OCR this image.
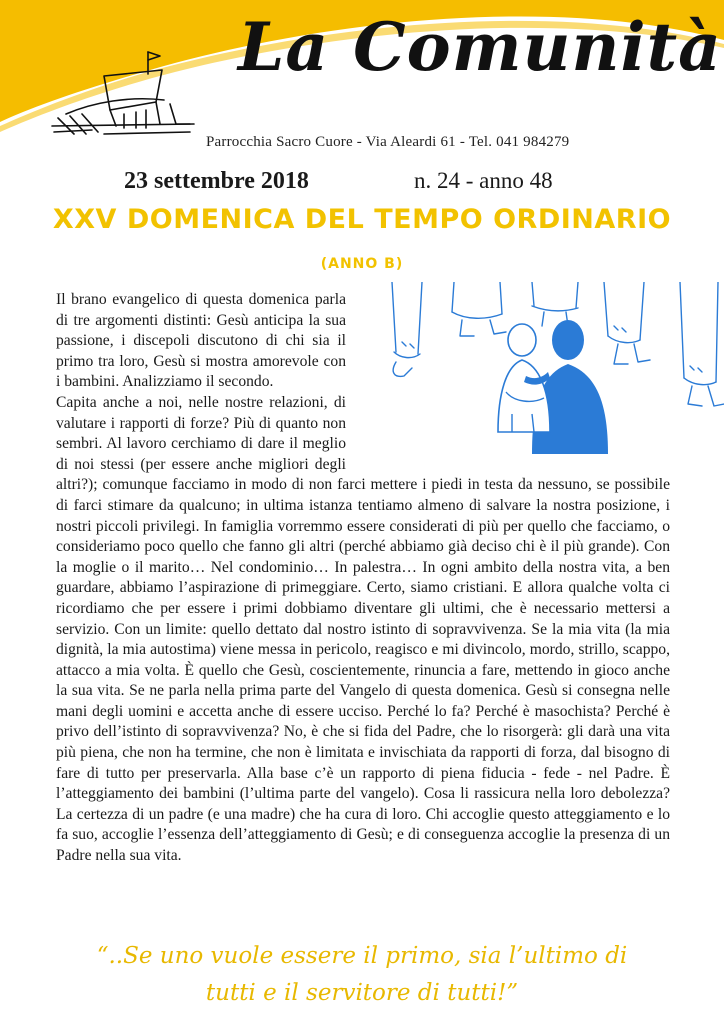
La Comunità
Parrocchia Sacro Cuore - Via Aleardi 61 - Tel. 041 984279
23 settembre 2018	n. 24 - anno 48
XXV DOMENICA DEL TEMPO ORDINARIO
(ANNO B)

Il brano evangelico di questa domenica parla di tre argomenti distinti: Gesù anticipa la sua passione, i discepoli discutono di chi sia il primo tra loro, Gesù si mostra amorevole con i bambini. Analizziamo il secondo.

Capita anche a noi, nelle nostre relazioni, di valutare i rapporti di forze? Più di quanto non sembri. Al lavoro cerchiamo di dare il meglio di noi stessi (per essere anche migliori degli altri?); comunque facciamo in modo di non farci mettere i piedi in testa da nessuno, se possibile di farci stimare da qualcuno; in ultima istanza tentiamo almeno di salvare la nostra posizione, i nostri piccoli privilegi. In famiglia vorremmo essere considerati di più per quello che facciamo, o consideriamo poco quello che fanno gli altri (perché abbiamo già deciso chi è il più grande). Con la moglie o il marito… Nel condominio… In palestra… In ogni ambito della nostra vita, a ben guardare, abbiamo l’aspirazione di primeggiare. Certo, siamo cristiani. E allora qualche volta ci ricordiamo che per essere i primi dobbiamo diventare gli ultimi, che è necessario mettersi a servizio. Con un limite: quello dettato dal nostro istinto di sopravvivenza. Se la mia vita (la mia dignità, la mia autostima) viene messa in pericolo, reagisco e mi divincolo, mordo, strillo, scappo, attacco a mia volta. È quello che Gesù, coscientemente, rinuncia a fare, mettendo in gioco anche la sua vita. Se ne parla nella prima parte del Vangelo di questa domenica. Gesù si consegna nelle mani degli uomini e accetta anche di essere ucciso. Perché lo fa? Perché è masochista? Perché è privo dell’istinto di sopravvivenza? No, è che si fida del Padre, che lo risorgerà: gli darà una vita più piena, che non ha termine, che non è limitata e invischiata da rapporti di forza, dal bisogno di fare di tutto per preservarla. Alla base c’è un rapporto di piena fiducia - fede - nel Padre. È l’atteggiamento dei bambini (l’ultima parte del vangelo). Cosa li rassicura nella loro debolezza? La certezza di un padre (e una madre) che ha cura di loro. Chi accoglie questo atteggiamento e lo fa suo, accoglie l’essenza dell’atteggiamento di Gesù; e di conseguenza accoglie la presenza di un Padre nella sua vita.

“..Se uno vuole essere il primo, sia l’ultimo di
tutti e il servitore di tutti!”
